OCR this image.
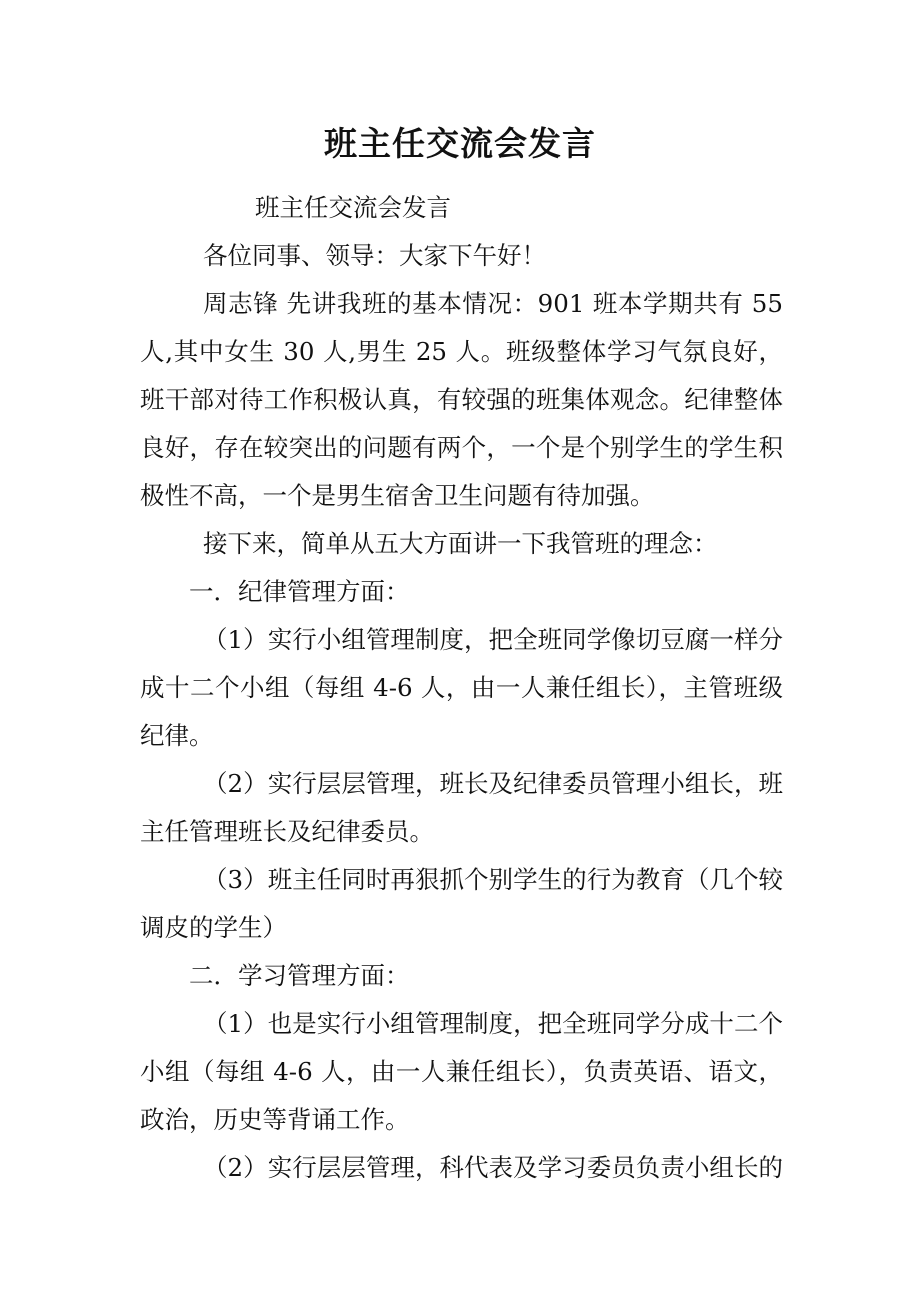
班主任交流会发言

班主任交流会发言

各位同事、领导：大家下午好！

周志锋 先讲我班的基本情况：901 班本学期共有 55

人,其中女生 30 人,男生 25 人。班级整体学习气氛良好，

班干部对待工作积极认真，有较强的班集体观念。纪律整体

良好，存在较突出的问题有两个，一个是个别学生的学生积

极性不高，一个是男生宿舍卫生问题有待加强。

接下来，简单从五大方面讲一下我管班的理念：

一．纪律管理方面：

（1）实行小组管理制度，把全班同学像切豆腐一样分

成十二个小组（每组 4-6 人，由一人兼任组长），主管班级

纪律。

（2）实行层层管理，班长及纪律委员管理小组长，班

主任管理班长及纪律委员。

（3）班主任同时再狠抓个别学生的行为教育（几个较

调皮的学生）

二．学习管理方面：

（1）也是实行小组管理制度，把全班同学分成十二个

小组（每组 4-6 人，由一人兼任组长），负责英语、语文，

政治，历史等背诵工作。

（2）实行层层管理，科代表及学习委员负责小组长的
